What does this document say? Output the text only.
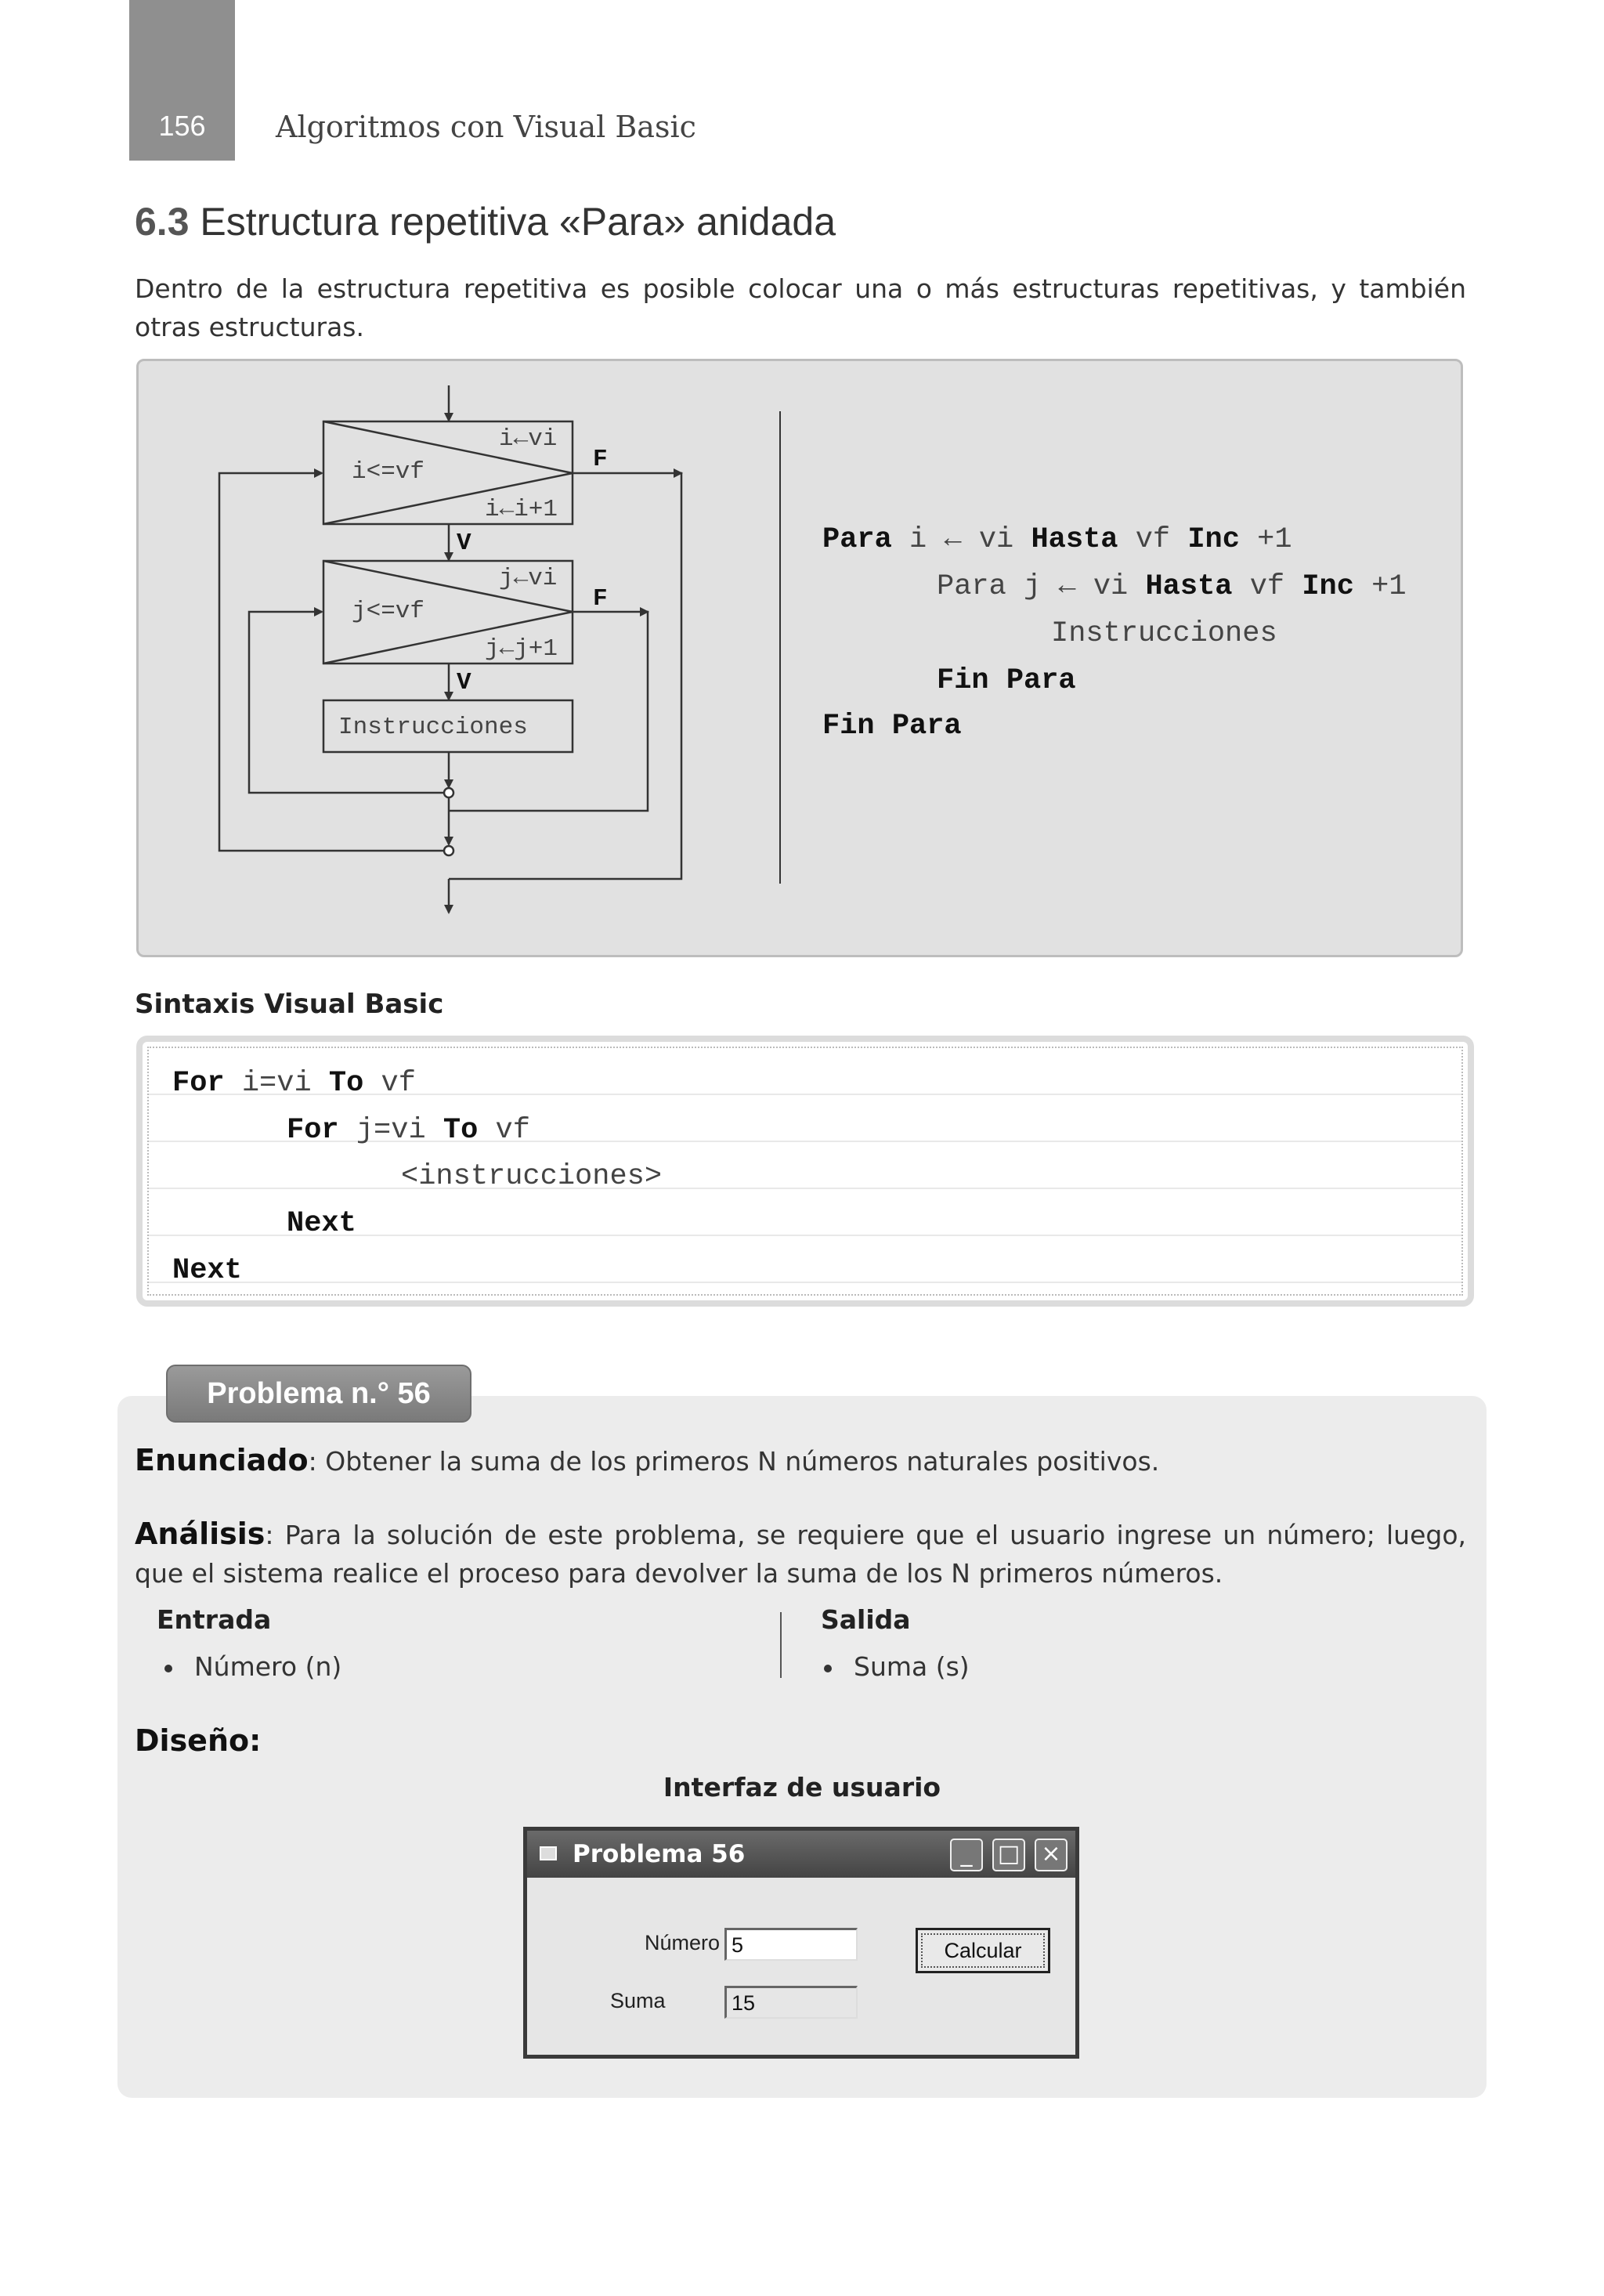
156	Algoritmos con Visual Basic
6.3 Estructura repetitiva «Para» anidada
Dentro de la estructura repetitiva es posible colocar una o más estructuras repetitivas, y también otras estructuras.
i←vi
i<=vf
i←i+1
j←vi
j<=vf
j←j+1
Instrucciones
V
V
F
F
Para i ← vi Hasta vf Inc +1
Para j ← vi Hasta vf Inc +1
Instrucciones
Fin Para
Fin Para
Sintaxis Visual Basic
For i=vi To vf
For j=vi To vf
<instrucciones>
Next
Next
Problema n.° 56
Enunciado: Obtener la suma de los primeros N números naturales positivos.
Análisis: Para la solución de este problema, se requiere que el usuario ingrese un número; luego, que el sistema realice el proceso para devolver la suma de los N primeros números.
Entrada
Número (n)
Salida
Suma (s)
Diseño:
Interfaz de usuario
Problema 56	_	□ ×
Número 5
Suma	15
Calcular
